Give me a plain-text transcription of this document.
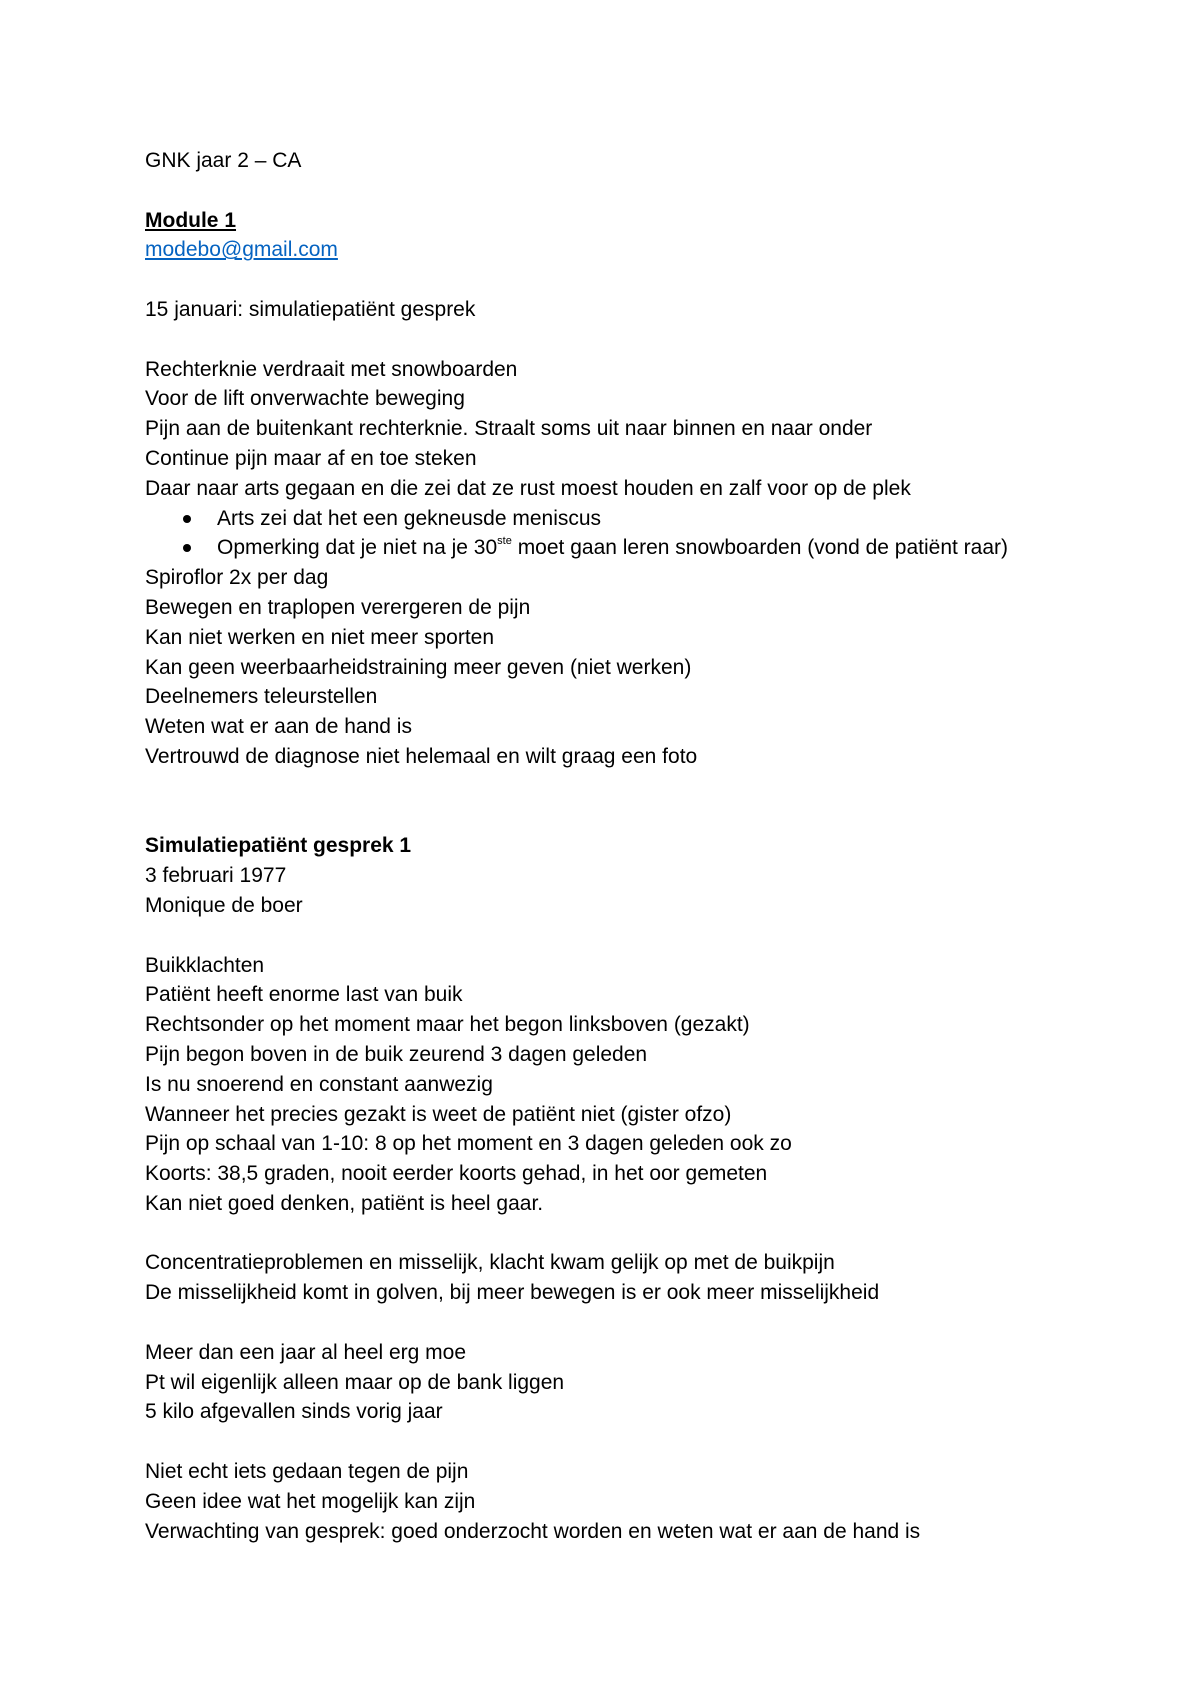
GNK jaar 2 – CA

Module 1

modebo@gmail.com

15 januari: simulatiepatiënt gesprek

Rechterknie verdraait met snowboarden

Voor de lift onverwachte beweging

Pijn aan de buitenkant rechterknie. Straalt soms uit naar binnen en naar onder

Continue pijn maar af en toe steken

Daar naar arts gegaan en die zei dat ze rust moest houden en zalf voor op de plek

Arts zei dat het een gekneusde meniscus
Opmerking dat je niet na je 30ste moet gaan leren snowboarden (vond de patiënt raar)

Spiroflor 2x per dag

Bewegen en traplopen verergeren de pijn

Kan niet werken en niet meer sporten

Kan geen weerbaarheidstraining meer geven (niet werken)

Deelnemers teleurstellen

Weten wat er aan de hand is

Vertrouwd de diagnose niet helemaal en wilt graag een foto

Simulatiepatiënt gesprek 1

3 februari 1977

Monique de boer

Buikklachten

Patiënt heeft enorme last van buik

Rechtsonder op het moment maar het begon linksboven (gezakt)

Pijn begon boven in de buik zeurend 3 dagen geleden

Is nu snoerend en constant aanwezig

Wanneer het precies gezakt is weet de patiënt niet (gister ofzo)

Pijn op schaal van 1-10: 8 op het moment en 3 dagen geleden ook zo

Koorts: 38,5 graden, nooit eerder koorts gehad, in het oor gemeten

Kan niet goed denken, patiënt is heel gaar.

Concentratieproblemen en misselijk, klacht kwam gelijk op met de buikpijn

De misselijkheid komt in golven, bij meer bewegen is er ook meer misselijkheid

Meer dan een jaar al heel erg moe

Pt wil eigenlijk alleen maar op de bank liggen

5 kilo afgevallen sinds vorig jaar

Niet echt iets gedaan tegen de pijn

Geen idee wat het mogelijk kan zijn

Verwachting van gesprek: goed onderzocht worden en weten wat er aan de hand is
